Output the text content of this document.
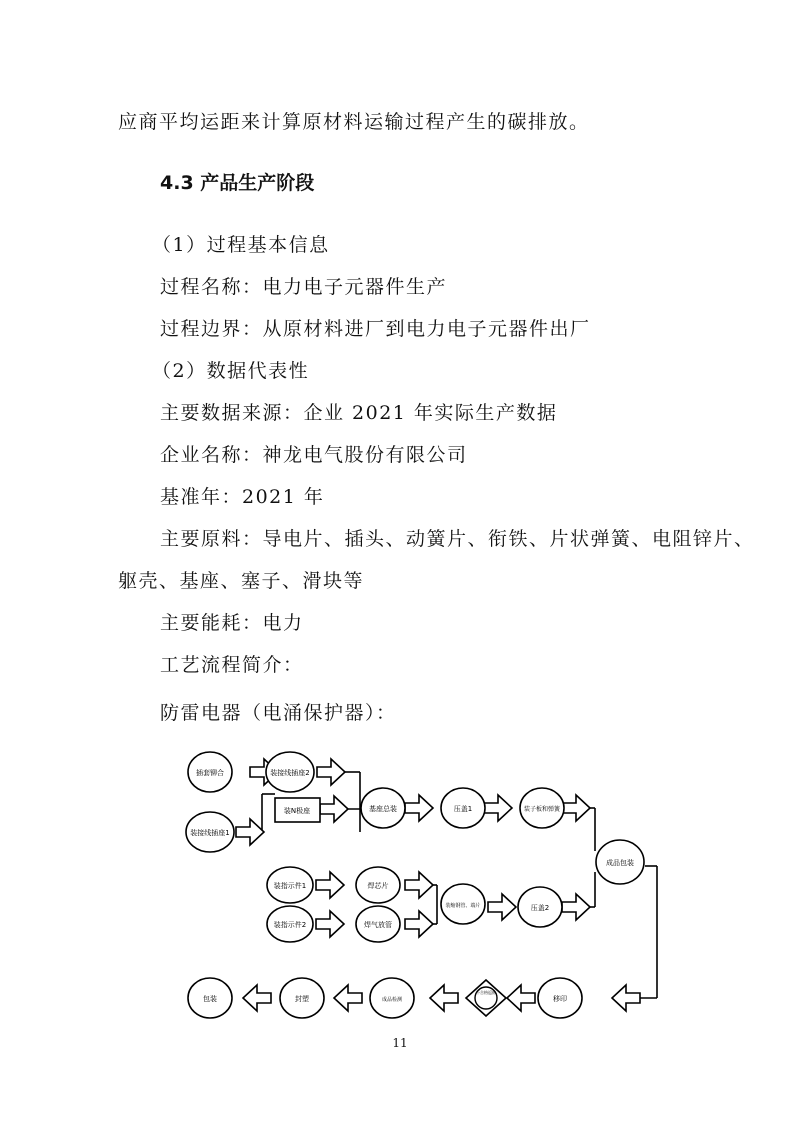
应商平均运距来计算原材料运输过程产生的碳排放。
4.3 产品生产阶段
（1）过程基本信息
过程名称：电力电子元器件生产
过程边界：从原材料进厂到电力电子元器件出厂
（2）数据代表性
主要数据来源：企业 2021 年实际生产数据
企业名称：神龙电气股份有限公司
基准年：2021 年
主要原料：导电片、插头、动簧片、衔铁、片状弹簧、电阻锌片、
躯壳、基座、塞子、滑块等
主要能耗：电力
工艺流程简介：
防雷电器（电涌保护器）：
插套铆合	装接线插座2
装接线插座1
装N极座	基座总装	压盖1	装子板和弹簧
成品包装
装指示件1
装指示件2
焊芯片
焊气放管
装缩钢管、端片	压盖2
移印
不合格返修
成品检测
封塑
包装
11
